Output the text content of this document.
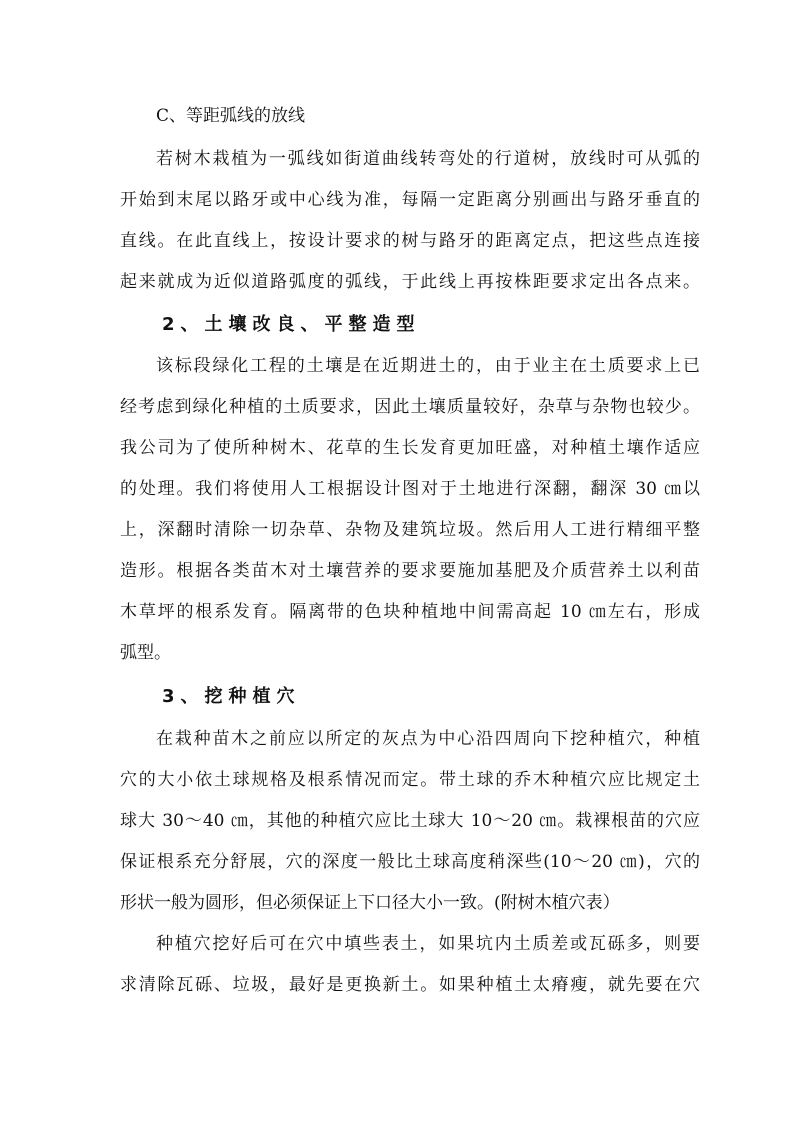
C、等距弧线的放线
若树木栽植为一弧线如街道曲线转弯处的行道树，放线时可从弧的
开始到末尾以路牙或中心线为准，每隔一定距离分别画出与路牙垂直的
直线。在此直线上，按设计要求的树与路牙的距离定点，把这些点连接
起来就成为近似道路弧度的弧线，于此线上再按株距要求定出各点来。
2、土壤改良、平整造型
该标段绿化工程的土壤是在近期进土的，由于业主在土质要求上已
经考虑到绿化种植的土质要求，因此土壤质量较好，杂草与杂物也较少。
我公司为了使所种树木、花草的生长发育更加旺盛，对种植土壤作适应
的处理。我们将使用人工根据设计图对于土地进行深翻，翻深 30 ㎝以
上，深翻时清除一切杂草、杂物及建筑垃圾。然后用人工进行精细平整
造形。根据各类苗木对土壤营养的要求要施加基肥及介质营养土以利苗
木草坪的根系发育。隔离带的色块种植地中间需高起 10 ㎝左右，形成
弧型。
3、挖种植穴
在栽种苗木之前应以所定的灰点为中心沿四周向下挖种植穴，种植
穴的大小依土球规格及根系情况而定。带土球的乔木种植穴应比规定土
球大 30～40 ㎝，其他的种植穴应比土球大 10～20 ㎝。栽裸根苗的穴应
保证根系充分舒展，穴的深度一般比土球高度稍深些(10～20 ㎝)，穴的
形状一般为圆形，但必须保证上下口径大小一致。(附树木植穴表）
种植穴挖好后可在穴中填些表土，如果坑内土质差或瓦砾多，则要
求清除瓦砾、垃圾，最好是更换新土。如果种植土太瘠瘦，就先要在穴
